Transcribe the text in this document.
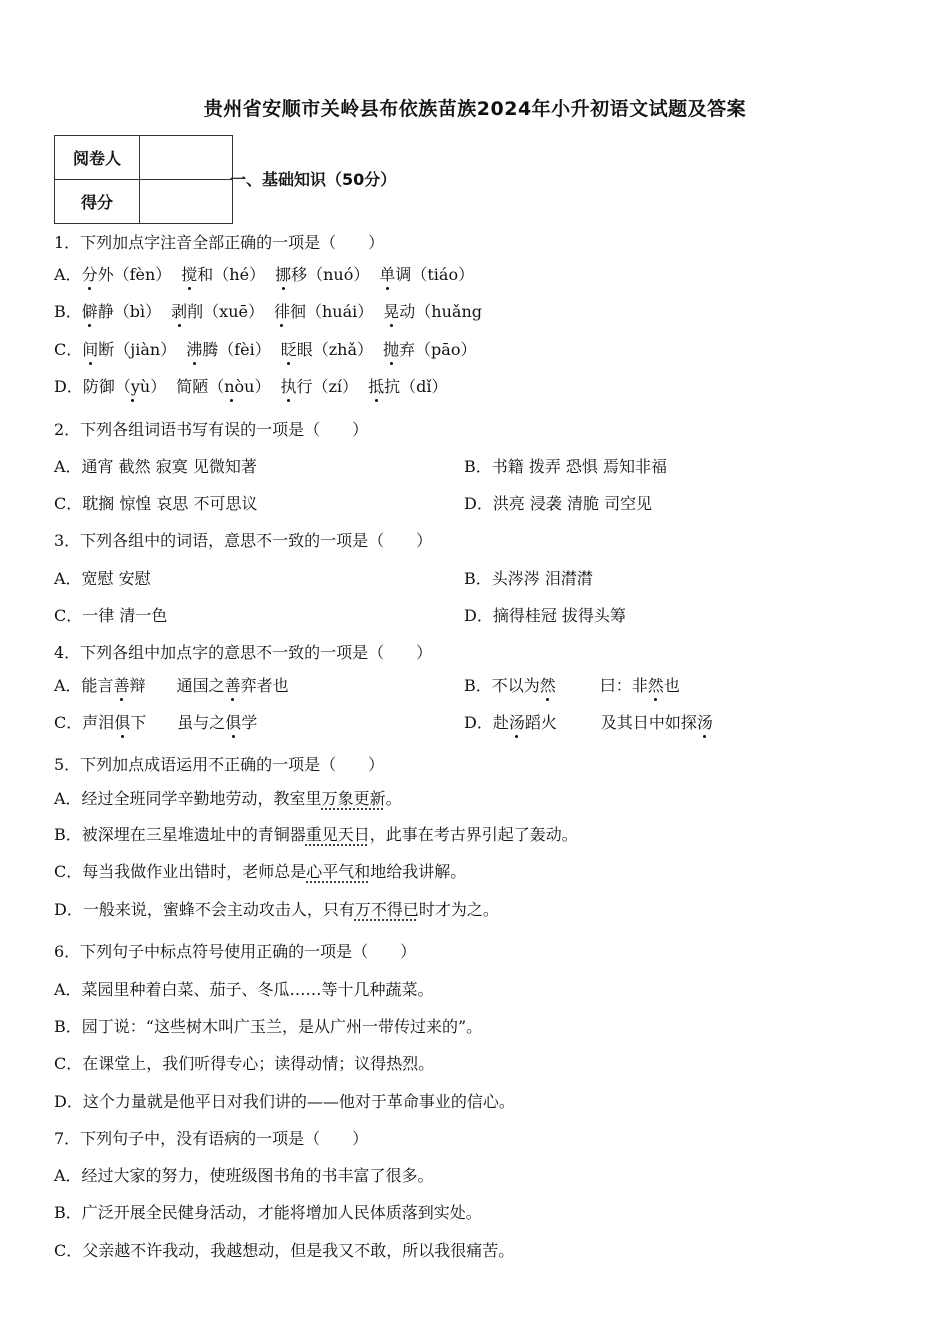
贵州省安顺市关岭县布依族苗族2024年小升初语文试题及答案
阅卷人	
得分	
一、基础知识（50分）
1．下列加点字注音全部正确的一项是（　　）
A．分外（fèn） 搅和（hé） 挪移（nuó） 单调（tiáo）
B．僻静（bì） 剥削（xuē） 徘徊（huái） 晃动（huǎng
C．间断（jiàn） 沸腾（fèi） 眨眼（zhǎ） 抛弃（pāo）
D．防御（yù） 简陋（nòu） 执行（zí） 抵抗（dǐ）
2．下列各组词语书写有误的一项是（　　）
A．通宵 截然 寂寞 见微知著	B．书籍 拨弄 恐惧 焉知非福
C．耽搁 惊惶 哀思 不可思议	D．洪亮 浸袭 清脆 司空见
3．下列各组中的词语，意思不一致的一项是（　　）
A．宽慰 安慰	B．头涔涔 泪潸潸
C．一律 清一色	D．摘得桂冠 拔得头筹
4．下列各组中加点字的意思不一致的一项是（　　）
A．能言善辩 通国之善弈者也	B．不以为然	曰：非然也
C．声泪俱下 虽与之俱学	D．赴汤蹈火	及其日中如探汤
5．下列加点成语运用不正确的一项是（　　）
A．经过全班同学辛勤地劳动，教室里万象更新。
B．被深埋在三星堆遗址中的青铜器重见天日，此事在考古界引起了轰动。
C．每当我做作业出错时，老师总是心平气和地给我讲解。
D．一般来说，蜜蜂不会主动攻击人，只有万不得已时才为之。
6．下列句子中标点符号使用正确的一项是（　　）
A．菜园里种着白菜、茄子、冬瓜……等十几种蔬菜。
B．园丁说：“这些树木叫广玉兰，是从广州一带传过来的”。
C．在课堂上，我们听得专心；读得动情；议得热烈。
D．这个力量就是他平日对我们讲的——他对于革命事业的信心。
7．下列句子中，没有语病的一项是（　　）
A．经过大家的努力，使班级图书角的书丰富了很多。
B．广泛开展全民健身活动，才能将增加人民体质落到实处。
C．父亲越不许我动，我越想动，但是我又不敢，所以我很痛苦。
